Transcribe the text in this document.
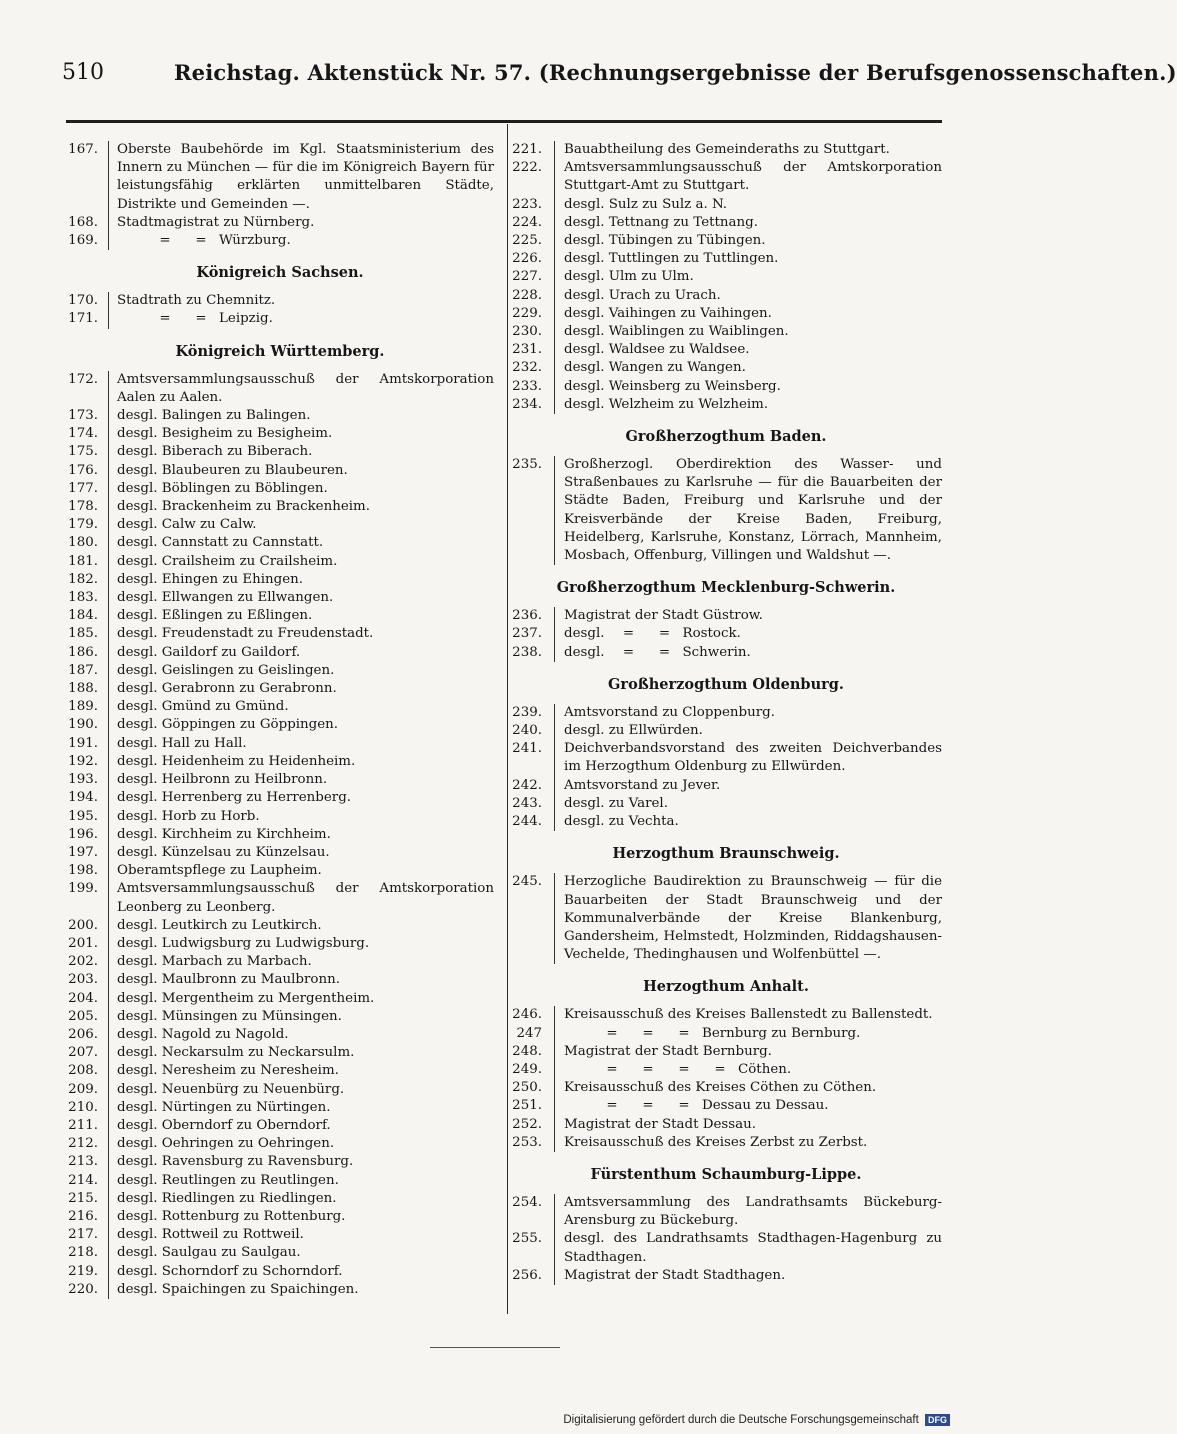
510	Reichstag. Aktenstück Nr. 57. (Rechnungsergebnisse der Berufsgenossenschaften.)
167. Oberste Baubehörde im Kgl. Staatsministerium des Innern zu München — für die im Königreich Bayern für leistungsfähig erklärten unmittelbaren Städte, Distrikte und Gemeinden —.
168. Stadtmagistrat zu Nürnberg.
169.	= = Würzburg.
Königreich Sachsen.
170. Stadtrath zu Chemnitz.
171.	= = Leipzig.
Königreich Württemberg.
172. Amtsversammlungsausschuß der Amtskorporation Aalen zu Aalen.
173. desgl. Balingen zu Balingen.
174. desgl. Besigheim zu Besigheim.
175. desgl. Biberach zu Biberach.
176. desgl. Blaubeuren zu Blaubeuren.
177. desgl. Böblingen zu Böblingen.
178. desgl. Brackenheim zu Brackenheim.
179. desgl. Calw zu Calw.
180. desgl. Cannstatt zu Cannstatt.
181. desgl. Crailsheim zu Crailsheim.
182. desgl. Ehingen zu Ehingen.
183. desgl. Ellwangen zu Ellwangen.
184. desgl. Eßlingen zu Eßlingen.
185. desgl. Freudenstadt zu Freudenstadt.
186. desgl. Gaildorf zu Gaildorf.
187. desgl. Geislingen zu Geislingen.
188. desgl. Gerabronn zu Gerabronn.
189. desgl. Gmünd zu Gmünd.
190. desgl. Göppingen zu Göppingen.
191. desgl. Hall zu Hall.
192. desgl. Heidenheim zu Heidenheim.
193. desgl. Heilbronn zu Heilbronn.
194. desgl. Herrenberg zu Herrenberg.
195. desgl. Horb zu Horb.
196. desgl. Kirchheim zu Kirchheim.
197. desgl. Künzelsau zu Künzelsau.
198. Oberamtspflege zu Laupheim.
199. Amtsversammlungsausschuß der Amtskorporation Leonberg zu Leonberg.
200. desgl. Leutkirch zu Leutkirch.
201. desgl. Ludwigsburg zu Ludwigsburg.
202. desgl. Marbach zu Marbach.
203. desgl. Maulbronn zu Maulbronn.
204. desgl. Mergentheim zu Mergentheim.
205. desgl. Münsingen zu Münsingen.
206. desgl. Nagold zu Nagold.
207. desgl. Neckarsulm zu Neckarsulm.
208. desgl. Neresheim zu Neresheim.
209. desgl. Neuenbürg zu Neuenbürg.
210. desgl. Nürtingen zu Nürtingen.
211. desgl. Oberndorf zu Oberndorf.
212. desgl. Oehringen zu Oehringen.
213. desgl. Ravensburg zu Ravensburg.
214. desgl. Reutlingen zu Reutlingen.
215. desgl. Riedlingen zu Riedlingen.
216. desgl. Rottenburg zu Rottenburg.
217. desgl. Rottweil zu Rottweil.
218. desgl. Saulgau zu Saulgau.
219. desgl. Schorndorf zu Schorndorf.
220. desgl. Spaichingen zu Spaichingen.
221. Bauabtheilung des Gemeinderaths zu Stuttgart.
222. Amtsversammlungsausschuß der Amtskorporation Stuttgart-Amt zu Stuttgart.
223. desgl. Sulz zu Sulz a. N.
224. desgl. Tettnang zu Tettnang.
225. desgl. Tübingen zu Tübingen.
226. desgl. Tuttlingen zu Tuttlingen.
227. desgl. Ulm zu Ulm.
228. desgl. Urach zu Urach.
229. desgl. Vaihingen zu Vaihingen.
230. desgl. Waiblingen zu Waiblingen.
231. desgl. Waldsee zu Waldsee.
232. desgl. Wangen zu Wangen.
233. desgl. Weinsberg zu Weinsberg.
234. desgl. Welzheim zu Welzheim.
Großherzogthum Baden.
235. Großherzogl. Oberdirektion des Wasser- und Straßenbaues zu Karlsruhe — für die Bauarbeiten der Städte Baden, Freiburg und Karlsruhe und der Kreisverbände der Kreise Baden, Freiburg, Heidelberg, Karlsruhe, Konstanz, Lörrach, Mannheim, Mosbach, Offenburg, Villingen und Waldshut —.
Großherzogthum Mecklenburg-Schwerin.
236. Magistrat der Stadt Güstrow.
237. desgl. = = Rostock.
238. desgl. = = Schwerin.
Großherzogthum Oldenburg.
239. Amtsvorstand zu Cloppenburg.
240. desgl. zu Ellwürden.
241. Deichverbandsvorstand des zweiten Deichverbandes im Herzogthum Oldenburg zu Ellwürden.
242. Amtsvorstand zu Jever.
243. desgl. zu Varel.
244. desgl. zu Vechta.
Herzogthum Braunschweig.
245. Herzogliche Baudirektion zu Braunschweig — für die Bauarbeiten der Stadt Braunschweig und der Kommunalverbände der Kreise Blankenburg, Gandersheim, Helmstedt, Holzminden, Riddagshausen-Vechelde, Thedinghausen und Wolfenbüttel —.
Herzogthum Anhalt.
246. Kreisausschuß des Kreises Ballenstedt zu Ballenstedt.
247	= = = Bernburg zu Bernburg.
248. Magistrat der Stadt Bernburg.
249.	= = = = Cöthen.
250. Kreisausschuß des Kreises Cöthen zu Cöthen.
251.	= = = Dessau zu Dessau.
252. Magistrat der Stadt Dessau.
253. Kreisausschuß des Kreises Zerbst zu Zerbst.
Fürstenthum Schaumburg-Lippe.
254. Amtsversammlung des Landrathsamts Bückeburg-Arensburg zu Bückeburg.
255. desgl. des Landrathsamts Stadthagen-Hagenburg zu Stadthagen.
256. Magistrat der Stadt Stadthagen.
Digitalisierung gefördert durch die Deutsche Forschungsgemeinschaft DFG
